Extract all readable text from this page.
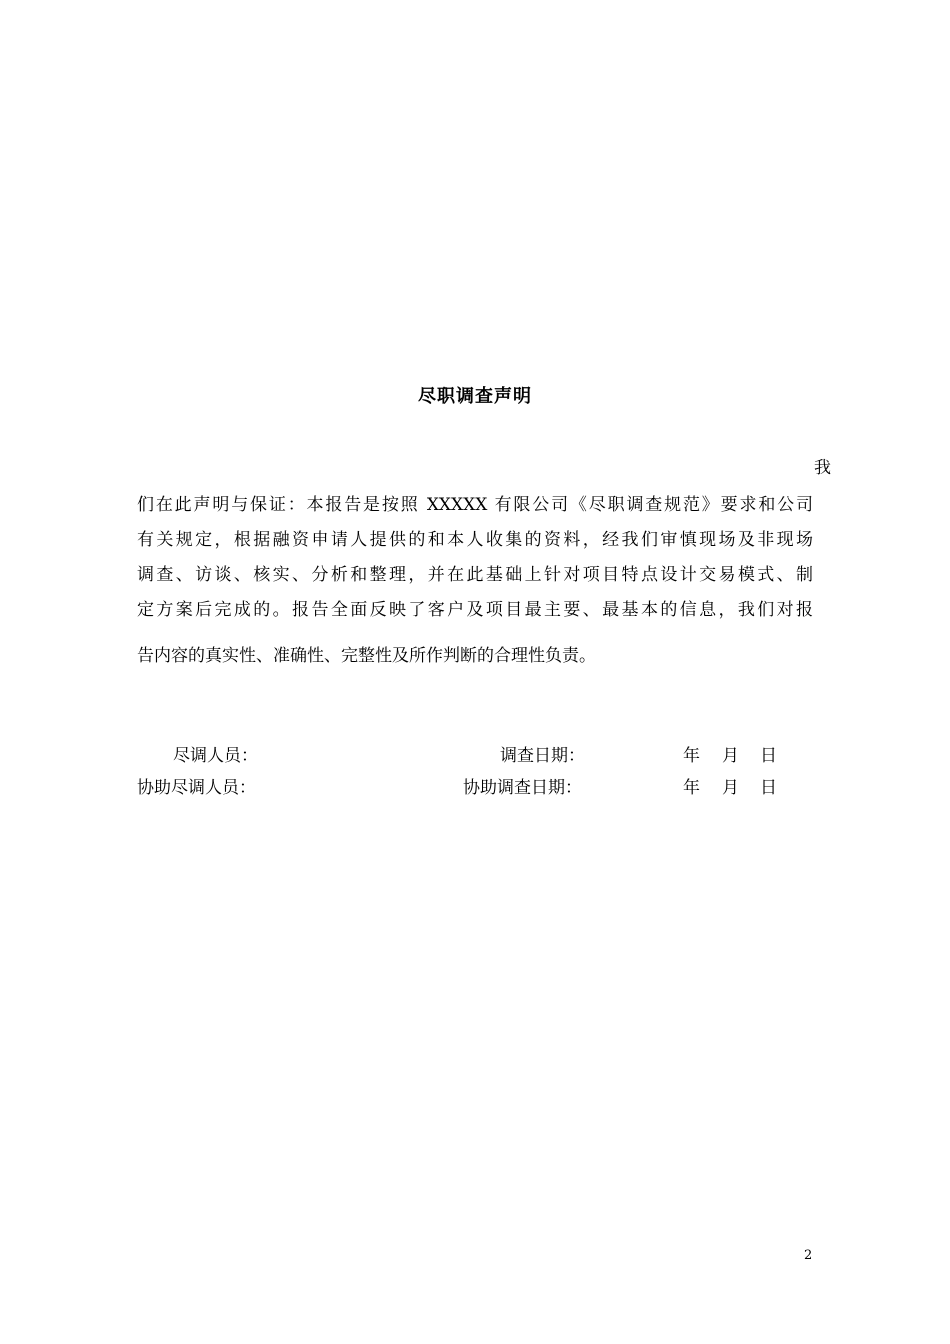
尽职调查声明
我
们在此声明与保证：本报告是按照 XXXXX 有限公司《尽职调查规范》要求和公司
有关规定，根据融资申请人提供的和本人收集的资料，经我们审慎现场及非现场
调查、访谈、核实、分析和整理，并在此基础上针对项目特点设计交易模式、制
定方案后完成的。报告全面反映了客户及项目最主要、最基本的信息，我们对报
告内容的真实性、准确性、完整性及所作判断的合理性负责。
尽调人员：	调查日期：	年 月 日
协助尽调人员：	协助调查日期：	年 月 日
2
